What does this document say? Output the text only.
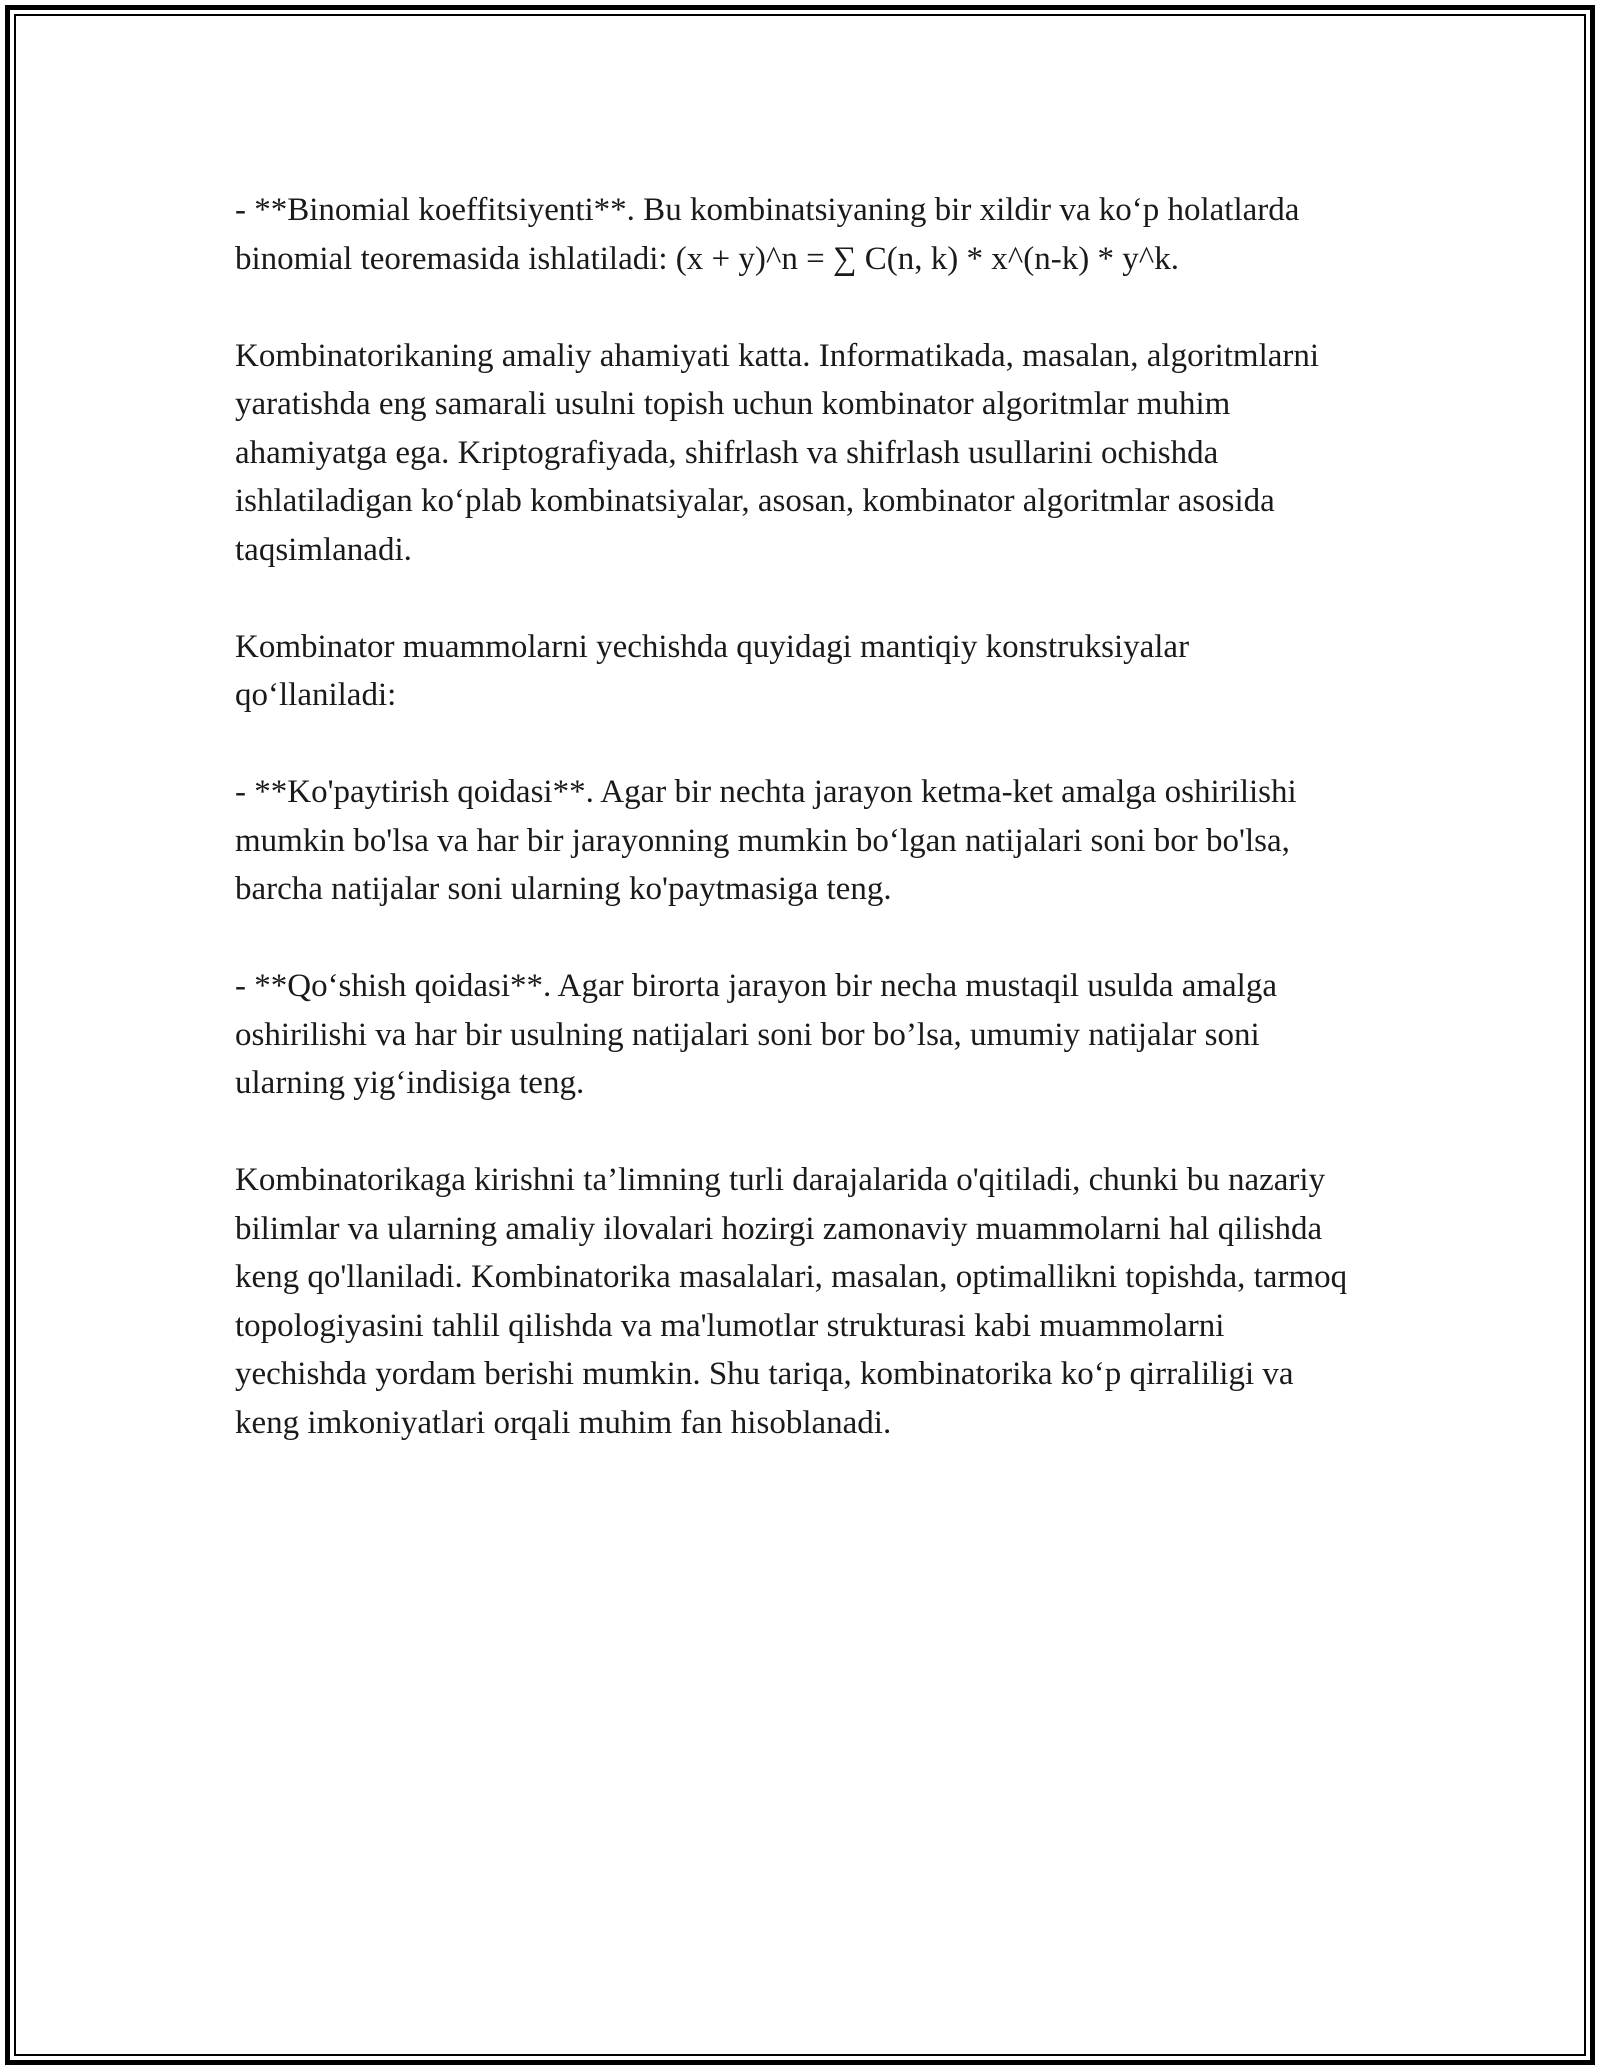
- **Binomial koeffitsiyenti**. Bu kombinatsiyaning bir xildir va ko‘p holatlarda binomial teoremasida ishlatiladi: (x + y)^n = ∑ C(n, k) * x^(n-k) * y^k.

Kombinatorikaning amaliy ahamiyati katta. Informatikada, masalan, algoritmlarni yaratishda eng samarali usulni topish uchun kombinator algoritmlar muhim ahamiyatga ega. Kriptografiyada, shifrlash va shifrlash usullarini ochishda ishlatiladigan ko‘plab kombinatsiyalar, asosan, kombinator algoritmlar asosida taqsimlanadi.

Kombinator muammolarni yechishda quyidagi mantiqiy konstruksiyalar qo‘llaniladi:

- **Ko'paytirish qoidasi**. Agar bir nechta jarayon ketma-ket amalga oshirilishi mumkin bo'lsa va har bir jarayonning mumkin bo‘lgan natijalari soni bor bo'lsa, barcha natijalar soni ularning ko'paytmasiga teng.

- **Qo‘shish qoidasi**. Agar birorta jarayon bir necha mustaqil usulda amalga oshirilishi va har bir usulning natijalari soni bor bo’lsa, umumiy natijalar soni ularning yig‘indisiga teng.

Kombinatorikaga kirishni ta’limning turli darajalarida o'qitiladi, chunki bu nazariy bilimlar va ularning amaliy ilovalari hozirgi zamonaviy muammolarni hal qilishda keng qo'llaniladi. Kombinatorika masalalari, masalan, optimallikni topishda, tarmoq topologiyasini tahlil qilishda va ma'lumotlar strukturasi kabi muammolarni yechishda yordam berishi mumkin. Shu tariqa, kombinatorika ko‘p qirraliligi va keng imkoniyatlari orqali muhim fan hisoblanadi.
